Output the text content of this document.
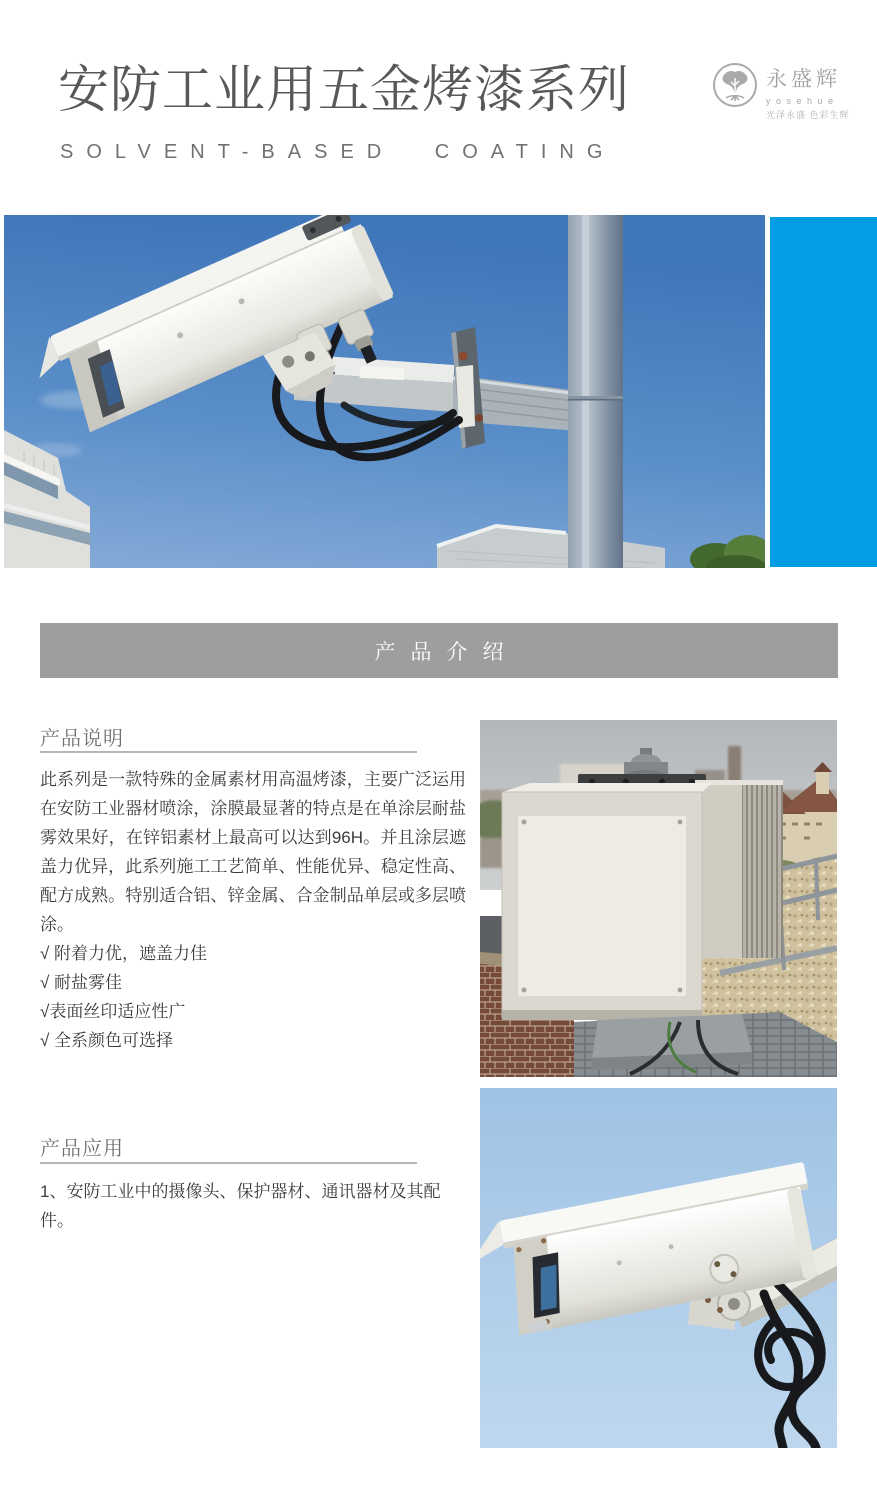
安防工业用五金烤漆系列
SOLVENT-BASED COATING
永盛辉
yosehue
光泽永盛 色彩生辉
产品介绍
产品说明
此系列是一款特殊的金属素材用高温烤漆，主要广泛运用在安防工业器材喷涂，涂膜最显著的特点是在单涂层耐盐雾效果好，在锌铝素材上最高可以达到96H。并且涂层遮盖力优异，此系列施工工艺简单、性能优异、稳定性高、配方成熟。特别适合铝、锌金属、合金制品单层或多层喷涂。
√ 附着力优，遮盖力佳
√ 耐盐雾佳
√表面丝印适应性广
√ 全系颜色可选择
产品应用
1、安防工业中的摄像头、保护器材、通讯器材及其配件。
